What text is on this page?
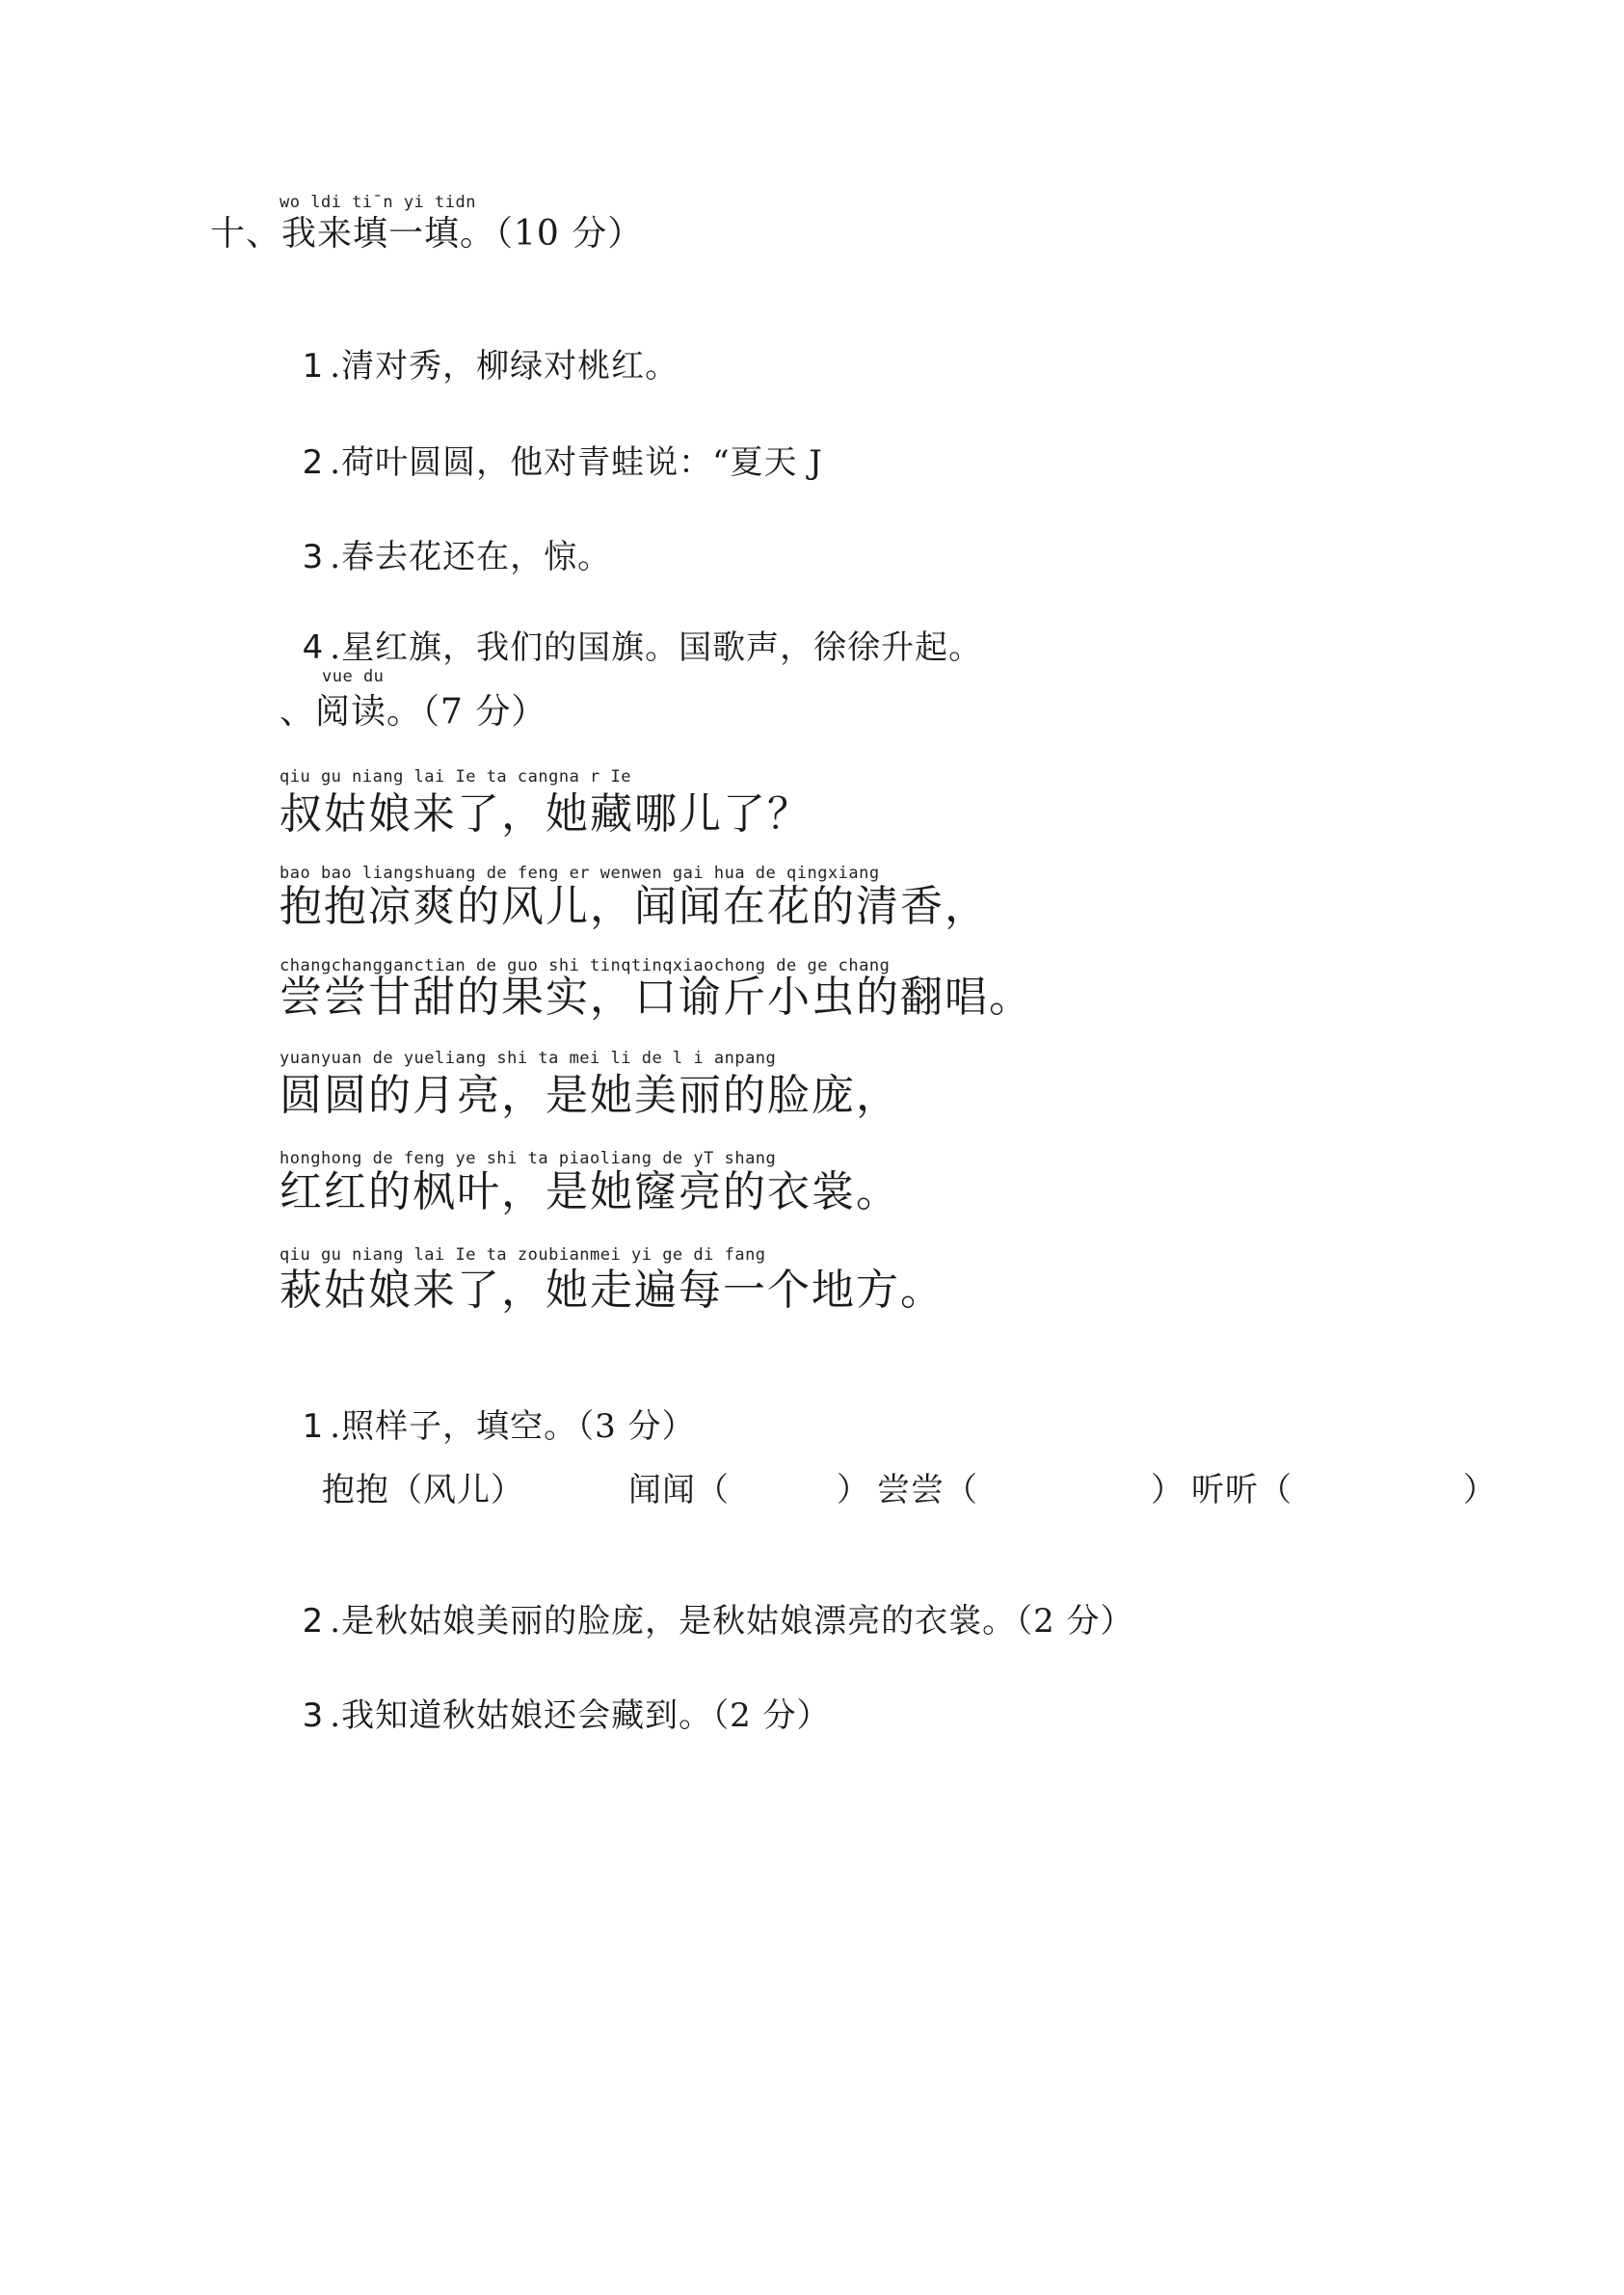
wo ldi ti¯n yi tidn
十、我来填一填。（10 分）

1 .清对秀，柳绿对桃红。

2 .荷叶圆圆，他对青蛙说：“夏天 J

3 .春去花还在，惊。

4 .星红旗，我们的国旗。国歌声，徐徐升起。

vue du
、阅读。（7 分）
qiu gu niang lai Ie ta cangna r Ie
叔姑娘来了，她藏哪儿了？
bao bao liangshuang de feng er wenwen gai hua de qingxiang
抱抱凉爽的风儿，闻闻在花的清香，
changchangganctian de guo shi tinqtinqxiaochong de ge chang
尝尝甘甜的果实，口谕斤小虫的翻唱。
yuanyuan de yueliang shi ta mei li de l i anpang
圆圆的月亮，是她美丽的脸庞，
honghong de feng ye shi ta piaoliang de yT shang
红红的枫叶，是她窿亮的衣裳。
qiu gu niang lai Ie ta zoubianmei yi ge di fang
萩姑娘来了，她走遍每一个地方。

1 .照样子，填空。（3 分）

抱抱（风儿）	闻闻（	） 尝尝（	） 听听（	）

2 .是秋姑娘美丽的脸庞，是秋姑娘漂亮的衣裳。（2 分）

3 .我知道秋姑娘还会藏到。（2 分）
